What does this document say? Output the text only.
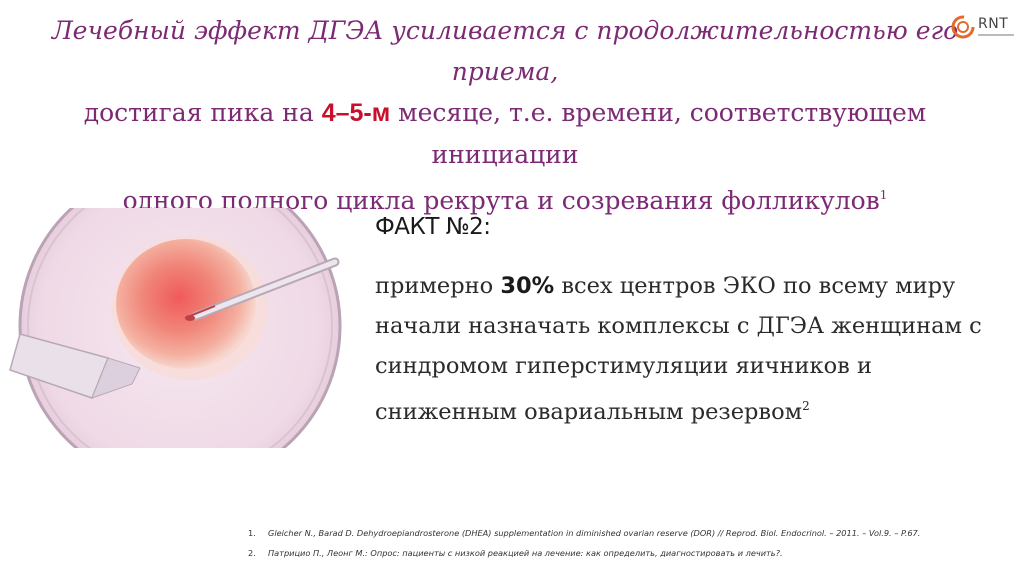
Лечебный эффект ДГЭА усиливается с продолжительностью его приема,
достигая пика на 4–5-м месяце, т.е. времени, соответствующем инициации
одного полного цикла рекрута и созревания фолликулов$^1$
RNT
ФАКТ №2:
примерно 30% всех центров ЭКО по всему миру начали назначать комплексы с ДГЭА женщинам с синдромом гиперстимуляции яичников и сниженным овариальным резервом$^2$
1.	Gleicher N., Barad D. Dehydroepiandrosterone (DHEA) supplementation in diminished ovarian reserve (DOR) // Reprod. Biol. Endocrinol. – 2011. – Vol.9. – P.67.
2.	Патрицио П., Леонг М.: Опрос: пациенты с низкой реакцией на лечение: как определить, диагностировать и лечить?.
